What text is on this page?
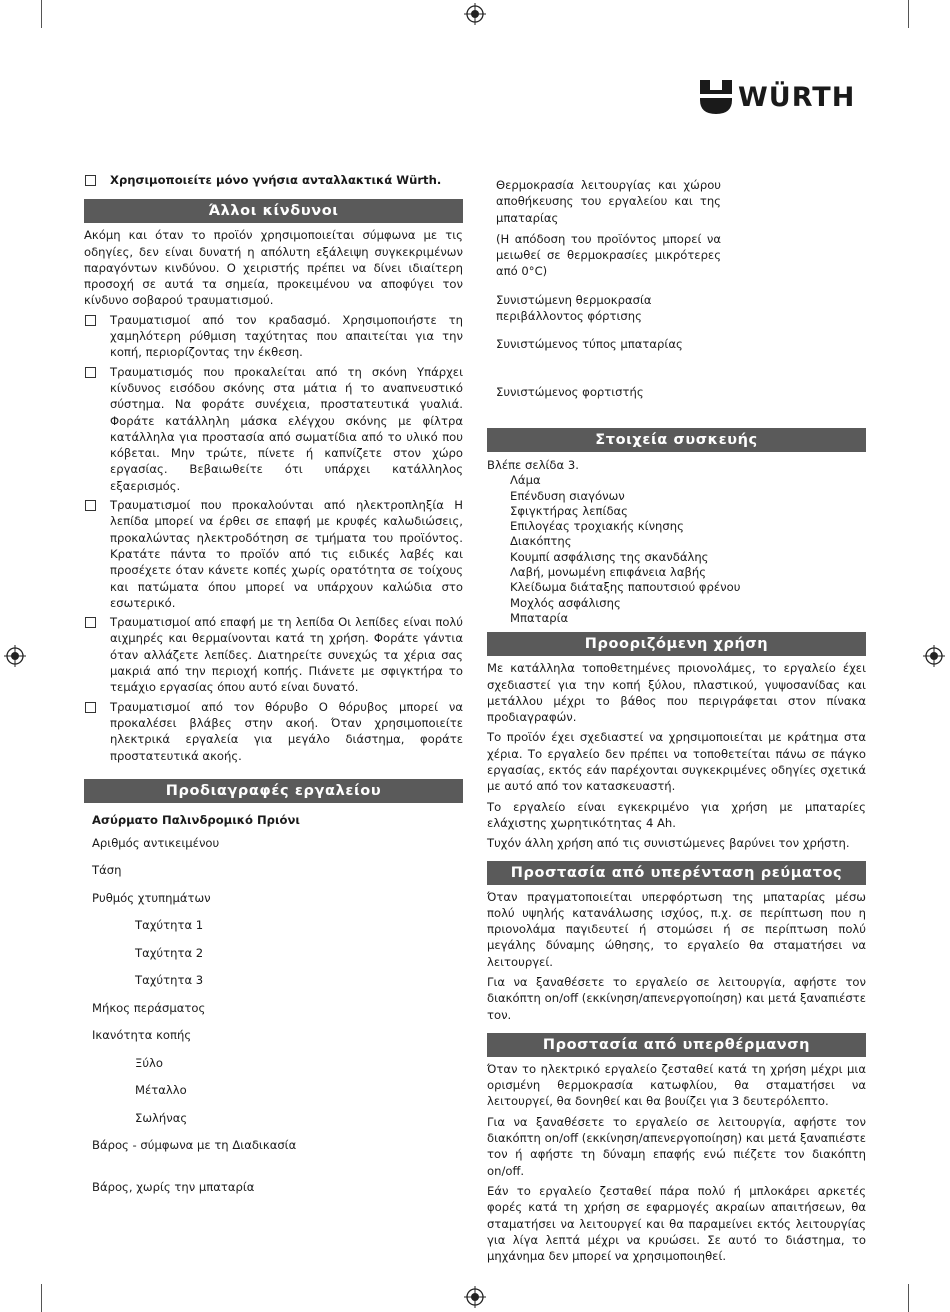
WÜRTH
Χρησιμοποιείτε μόνο γνήσια ανταλλακτικά Würth.
Άλλοι κίνδυνοι

Ακόμη και όταν το προϊόν χρησιμοποιείται σύμφωνα με τις οδηγίες, δεν είναι δυνατή η απόλυτη εξάλειψη συγκεκριμένων παραγόντων κινδύνου. Ο χειριστής πρέπει να δίνει ιδιαίτερη προσοχή σε αυτά τα σημεία, προκειμένου να αποφύγει τον κίνδυνο σοβαρού τραυματισμού.

Τραυματισμοί από τον κραδασμό. Χρησιμοποιήστε τη χαμηλότερη ρύθμιση ταχύτητας που απαιτείται για την κοπή, περιορίζοντας την έκθεση.
Τραυματισμός που προκαλείται από τη σκόνη Υπάρχει κίνδυνος εισόδου σκόνης στα μάτια ή το αναπνευστικό σύστημα. Να φοράτε συνέχεια, προστατευτικά γυαλιά. Φοράτε κατάλληλη μάσκα ελέγχου σκόνης με φίλτρα κατάλληλα για προστασία από σωματίδια από το υλικό που κόβεται. Μην τρώτε, πίνετε ή καπνίζετε στον χώρο εργασίας. Βεβαιωθείτε ότι υπάρχει κατάλληλος εξαερισμός.
Τραυματισμοί που προκαλούνται από ηλεκτροπληξία Η λεπίδα μπορεί να έρθει σε επαφή με κρυφές καλωδιώσεις, προκαλώντας ηλεκτροδότηση σε τμήματα του προϊόντος. Κρατάτε πάντα το προϊόν από τις ειδικές λαβές και προσέχετε όταν κάνετε κοπές χωρίς ορατότητα σε τοίχους και πατώματα όπου μπορεί να υπάρχουν καλώδια στο εσωτερικό.
Τραυματισμοί από επαφή με τη λεπίδα Οι λεπίδες είναι πολύ αιχμηρές και θερμαίνονται κατά τη χρήση. Φοράτε γάντια όταν αλλάζετε λεπίδες. Διατηρείτε συνεχώς τα χέρια σας μακριά από την περιοχή κοπής. Πιάνετε με σφιγκτήρα το τεμάχιο εργασίας όπου αυτό είναι δυνατό.
Τραυματισμοί από τον θόρυβο Ο θόρυβος μπορεί να προκαλέσει βλάβες στην ακοή. Όταν χρησιμοποιείτε ηλεκτρικά εργαλεία για μεγάλο διάστημα, φοράτε προστατευτικά ακοής.
Προδιαγραφές εργαλείου
Ασύρματο Παλινδρομικό Πριόνι
Αριθμός αντικειμένου
Τάση
Ρυθμός χτυπημάτων
Ταχύτητα 1
Ταχύτητα 2
Ταχύτητα 3
Μήκος περάσματος
Ικανότητα κοπής
Ξύλο
Μέταλλο
Σωλήνας
Βάρος - σύμφωνα με τη Διαδικασία
Βάρος, χωρίς την μπαταρία

Θερμοκρασία λειτουργίας και χώρου αποθήκευσης του εργαλείου και της μπαταρίας

(Η απόδοση του προϊόντος μπορεί να μειωθεί σε θερμοκρασίες μικρότερες από 0°C)

Συνιστώμενη θερμοκρασία περιβάλλοντος φόρτισης

Συνιστώμενος τύπος μπαταρίας

Συνιστώμενος φορτιστής

Στοιχεία συσκευής

Βλέπε σελίδα 3.

Λάμα
Επένδυση σιαγόνων
Σφιγκτήρας λεπίδας
Επιλογέας τροχιακής κίνησης
Διακόπτης
Κουμπί ασφάλισης της σκανδάλης
Λαβή, μονωμένη επιφάνεια λαβής
Κλείδωμα διάταξης παπουτσιού φρένου
Μοχλός ασφάλισης
Μπαταρία
Προοριζόμενη χρήση

Με κατάλληλα τοποθετημένες πριονολάμες, το εργαλείο έχει σχεδιαστεί για την κοπή ξύλου, πλαστικού, γυψοσανίδας και μετάλλου μέχρι το βάθος που περιγράφεται στον πίνακα προδιαγραφών.

Το προϊόν έχει σχεδιαστεί να χρησιμοποιείται με κράτημα στα χέρια. Το εργαλείο δεν πρέπει να τοποθετείται πάνω σε πάγκο εργασίας, εκτός εάν παρέχονται συγκεκριμένες οδηγίες σχετικά με αυτό από τον κατασκευαστή.

Το εργαλείο είναι εγκεκριμένο για χρήση με μπαταρίες ελάχιστης χωρητικότητας 4 Ah.

Τυχόν άλλη χρήση από τις συνιστώμενες βαρύνει τον χρήστη.

Προστασία από υπερένταση ρεύματος

Όταν πραγματοποιείται υπερφόρτωση της μπαταρίας μέσω πολύ υψηλής κατανάλωσης ισχύος, π.χ. σε περίπτωση που η πριονολάμα παγιδευτεί ή στομώσει ή σε περίπτωση πολύ μεγάλης δύναμης ώθησης, το εργαλείο θα σταματήσει να λειτουργεί.

Για να ξαναθέσετε το εργαλείο σε λειτουργία, αφήστε τον διακόπτη on/off (εκκίνηση/απενεργοποίηση) και μετά ξαναπιέστε τον.

Προστασία από υπερθέρμανση

Όταν το ηλεκτρικό εργαλείο ζεσταθεί κατά τη χρήση μέχρι μια ορισμένη θερμοκρασία κατωφλίου, θα σταματήσει να λειτουργεί, θα δονηθεί και θα βουίζει για 3 δευτερόλεπτο.

Για να ξαναθέσετε το εργαλείο σε λειτουργία, αφήστε τον διακόπτη on/off (εκκίνηση/απενεργοποίηση) και μετά ξαναπιέστε τον ή αφήστε τη δύναμη επαφής ενώ πιέζετε τον διακόπτη on/off.

Εάν το εργαλείο ζεσταθεί πάρα πολύ ή μπλοκάρει αρκετές φορές κατά τη χρήση σε εφαρμογές ακραίων απαιτήσεων, θα σταματήσει να λειτουργεί και θα παραμείνει εκτός λειτουργίας για λίγα λεπτά μέχρι να κρυώσει. Σε αυτό το διάστημα, το μηχάνημα δεν μπορεί να χρησιμοποιηθεί.
